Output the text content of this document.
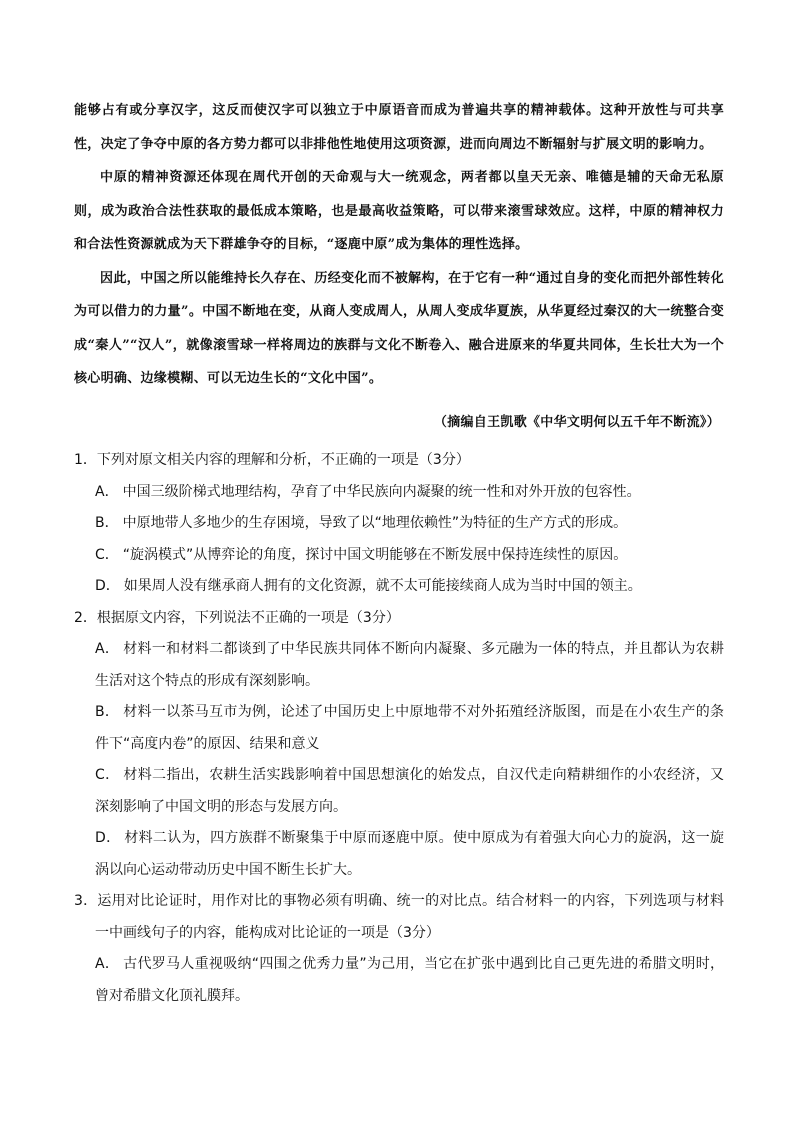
能够占有或分享汉字，这反而使汉字可以独立于中原语音而成为普遍共享的精神载体。这种开放性与可共享性，决定了争夺中原的各方势力都可以非排他性地使用这项资源，进而向周边不断辐射与扩展文明的影响力。

中原的精神资源还体现在周代开创的天命观与大一统观念，两者都以皇天无亲、唯德是辅的天命无私原则，成为政治合法性获取的最低成本策略，也是最高收益策略，可以带来滚雪球效应。这样，中原的精神权力和合法性资源就成为天下群雄争夺的目标，“逐鹿中原”成为集体的理性选择。

因此，中国之所以能维持长久存在、历经变化而不被解构，在于它有一种“通过自身的变化而把外部性转化为可以借力的力量”。中国不断地在变，从商人变成周人，从周人变成华夏族，从华夏经过秦汉的大一统整合变成“秦人”“汉人”，就像滚雪球一样将周边的族群与文化不断卷入、融合进原来的华夏共同体，生长壮大为一个核心明确、边缘模糊、可以无边生长的“文化中国”。

（摘编自王凯歌《中华文明何以五千年不断流》）

1．下列对原文相关内容的理解和分析，不正确的一项是（3分）

A． 中国三级阶梯式地理结构，孕育了中华民族向内凝聚的统一性和对外开放的包容性。

B． 中原地带人多地少的生存困境，导致了以“地理依赖性”为特征的生产方式的形成。

C． “旋涡模式”从博弈论的角度，探讨中国文明能够在不断发展中保持连续性的原因。

D． 如果周人没有继承商人拥有的文化资源，就不太可能接续商人成为当时中国的领主。

2．根据原文内容，下列说法不正确的一项是（3分）

A． 材料一和材料二都谈到了中华民族共同体不断向内凝聚、多元融为一体的特点，并且都认为农耕生活对这个特点的形成有深刻影响。

B． 材料一以茶马互市为例，论述了中国历史上中原地带不对外拓殖经济版图，而是在小农生产的条件下“高度内卷”的原因、结果和意义

C． 材料二指出，农耕生活实践影响着中国思想演化的始发点，自汉代走向精耕细作的小农经济，又深刻影响了中国文明的形态与发展方向。

D． 材料二认为，四方族群不断聚集于中原而逐鹿中原。使中原成为有着强大向心力的旋涡，这一旋涡以向心运动带动历史中国不断生长扩大。

3．运用对比论证时，用作对比的事物必须有明确、统一的对比点。结合材料一的内容，下列选项与材料一中画线句子的内容，能构成对比论证的一项是（3分）

A． 古代罗马人重视吸纳“四围之优秀力量”为己用，当它在扩张中遇到比自己更先进的希腊文明时，曾对希腊文化顶礼膜拜。
